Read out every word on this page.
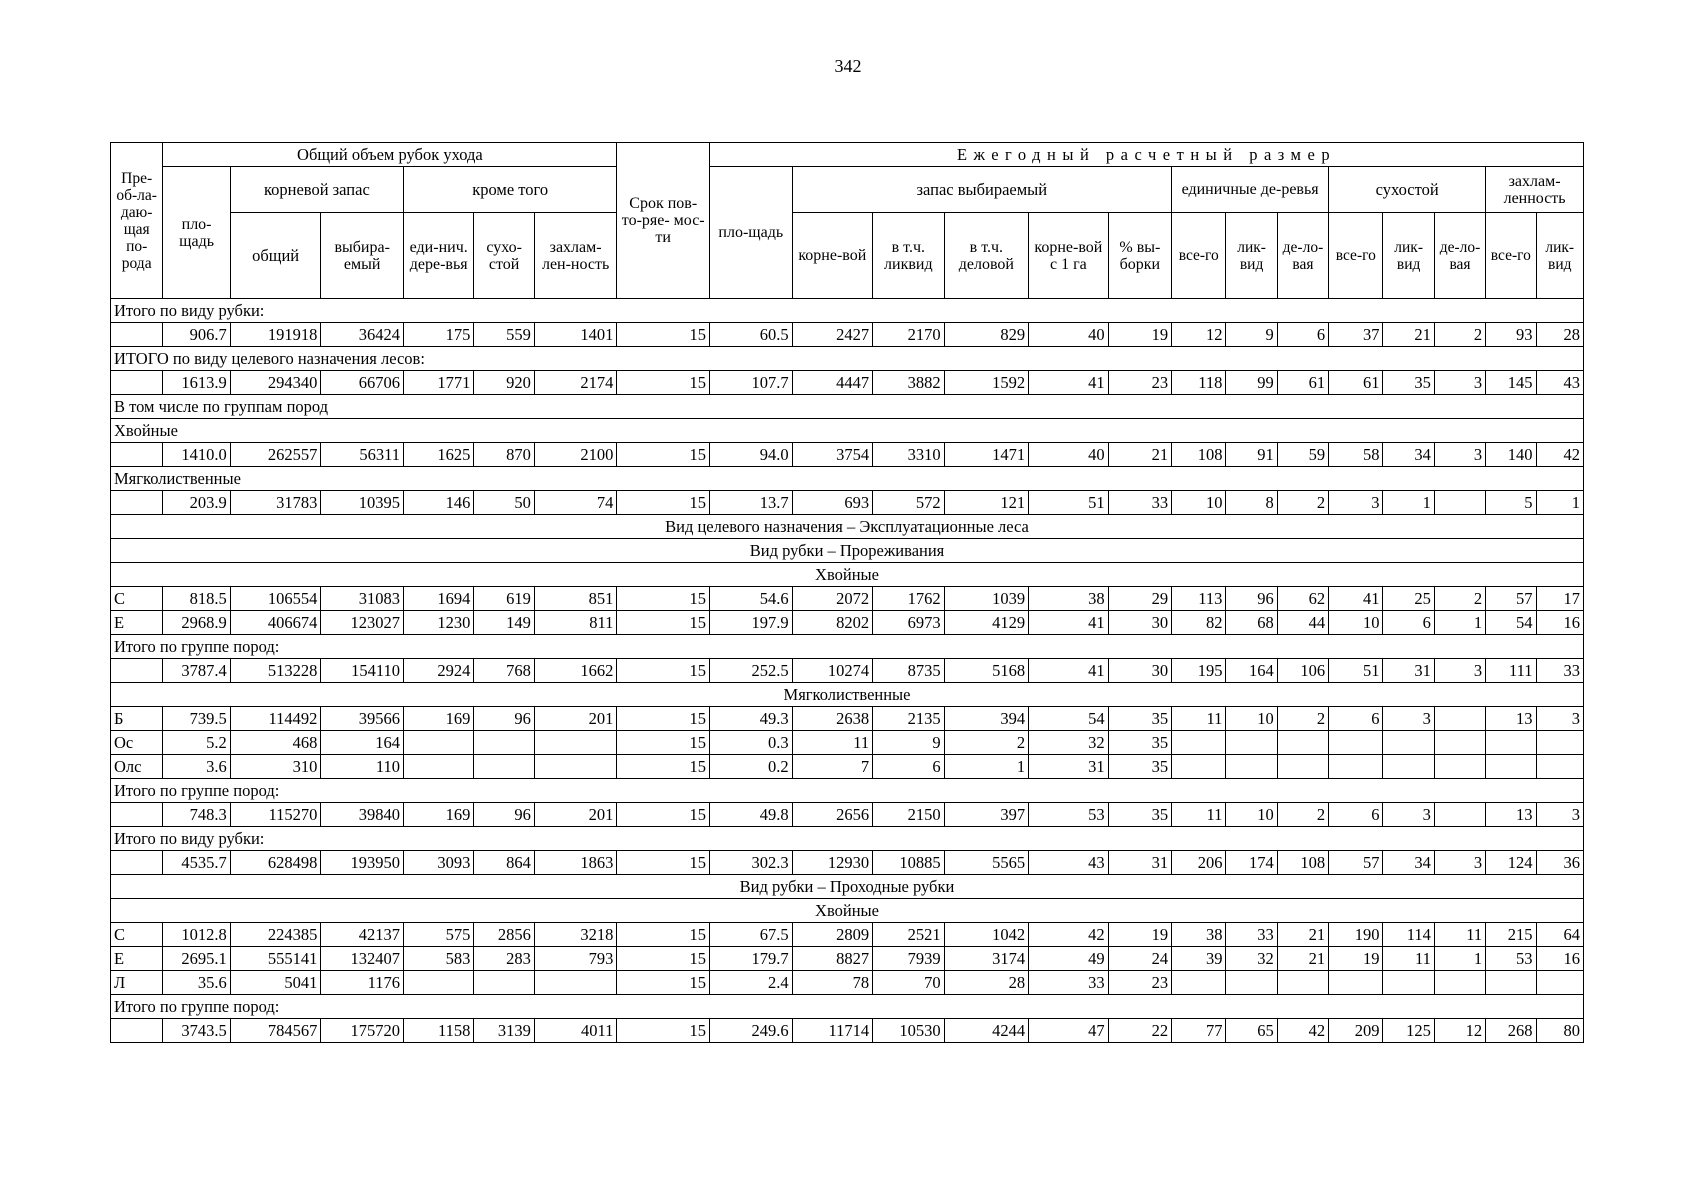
342
Пре-об-ла-даю-щая по-рода	Общий объем рубок ухода						Срок пов- то-ряе- мос-ти	Ежегодный расчетный размер													
	пло-щадь	корневой запас		кроме того				пло-щадь	запас выбираемый					единичные де-ревья			сухостой			захлам-ленность	
		общий	выбира-емый	еди-нич. дере-вья	сухо-стой	захлам-лен-ность			корне-вой	в т.ч. ликвид	в т.ч. деловой	корне-вой с 1 га	% вы-борки	все-го	лик-вид	де-ло-вая	все-го	лик-вид	де-ло-вая	все-го	лик-вид
Итого по виду рубки:																					
	906.7	191918	36424	175	559	1401	15	60.5	2427	2170	829	40	19	12	9	6	37	21	2	93	28
ИТОГО по виду целевого назначения лесов:																					
	1613.9	294340	66706	1771	920	2174	15	107.7	4447	3882	1592	41	23	118	99	61	61	35	3	145	43
В том числе по группам пород																					
Хвойные																					
	1410.0	262557	56311	1625	870	2100	15	94.0	3754	3310	1471	40	21	108	91	59	58	34	3	140	42
Мягколиственные																					
	203.9	31783	10395	146	50	74	15	13.7	693	572	121	51	33	10	8	2	3	1		5	1
Вид целевого назначения – Эксплуатационные леса																					
Вид рубки – Прореживания																					
Хвойные																					
С	818.5	106554	31083	1694	619	851	15	54.6	2072	1762	1039	38	29	113	96	62	41	25	2	57	17
Е	2968.9	406674	123027	1230	149	811	15	197.9	8202	6973	4129	41	30	82	68	44	10	6	1	54	16
Итого по группе пород:																					
	3787.4	513228	154110	2924	768	1662	15	252.5	10274	8735	5168	41	30	195	164	106	51	31	3	111	33
Мягколиственные																					
Б	739.5	114492	39566	169	96	201	15	49.3	2638	2135	394	54	35	11	10	2	6	3		13	3
Ос	5.2	468	164				15	0.3	11	9	2	32	35								
Олс	3.6	310	110				15	0.2	7	6	1	31	35								
Итого по группе пород:																					
	748.3	115270	39840	169	96	201	15	49.8	2656	2150	397	53	35	11	10	2	6	3		13	3
Итого по виду рубки:																					
	4535.7	628498	193950	3093	864	1863	15	302.3	12930	10885	5565	43	31	206	174	108	57	34	3	124	36
Вид рубки – Проходные рубки																					
Хвойные																					
С	1012.8	224385	42137	575	2856	3218	15	67.5	2809	2521	1042	42	19	38	33	21	190	114	11	215	64
Е	2695.1	555141	132407	583	283	793	15	179.7	8827	7939	3174	49	24	39	32	21	19	11	1	53	16
Л	35.6	5041	1176				15	2.4	78	70	28	33	23								
Итого по группе пород:																					
	3743.5	784567	175720	1158	3139	4011	15	249.6	11714	10530	4244	47	22	77	65	42	209	125	12	268	80
